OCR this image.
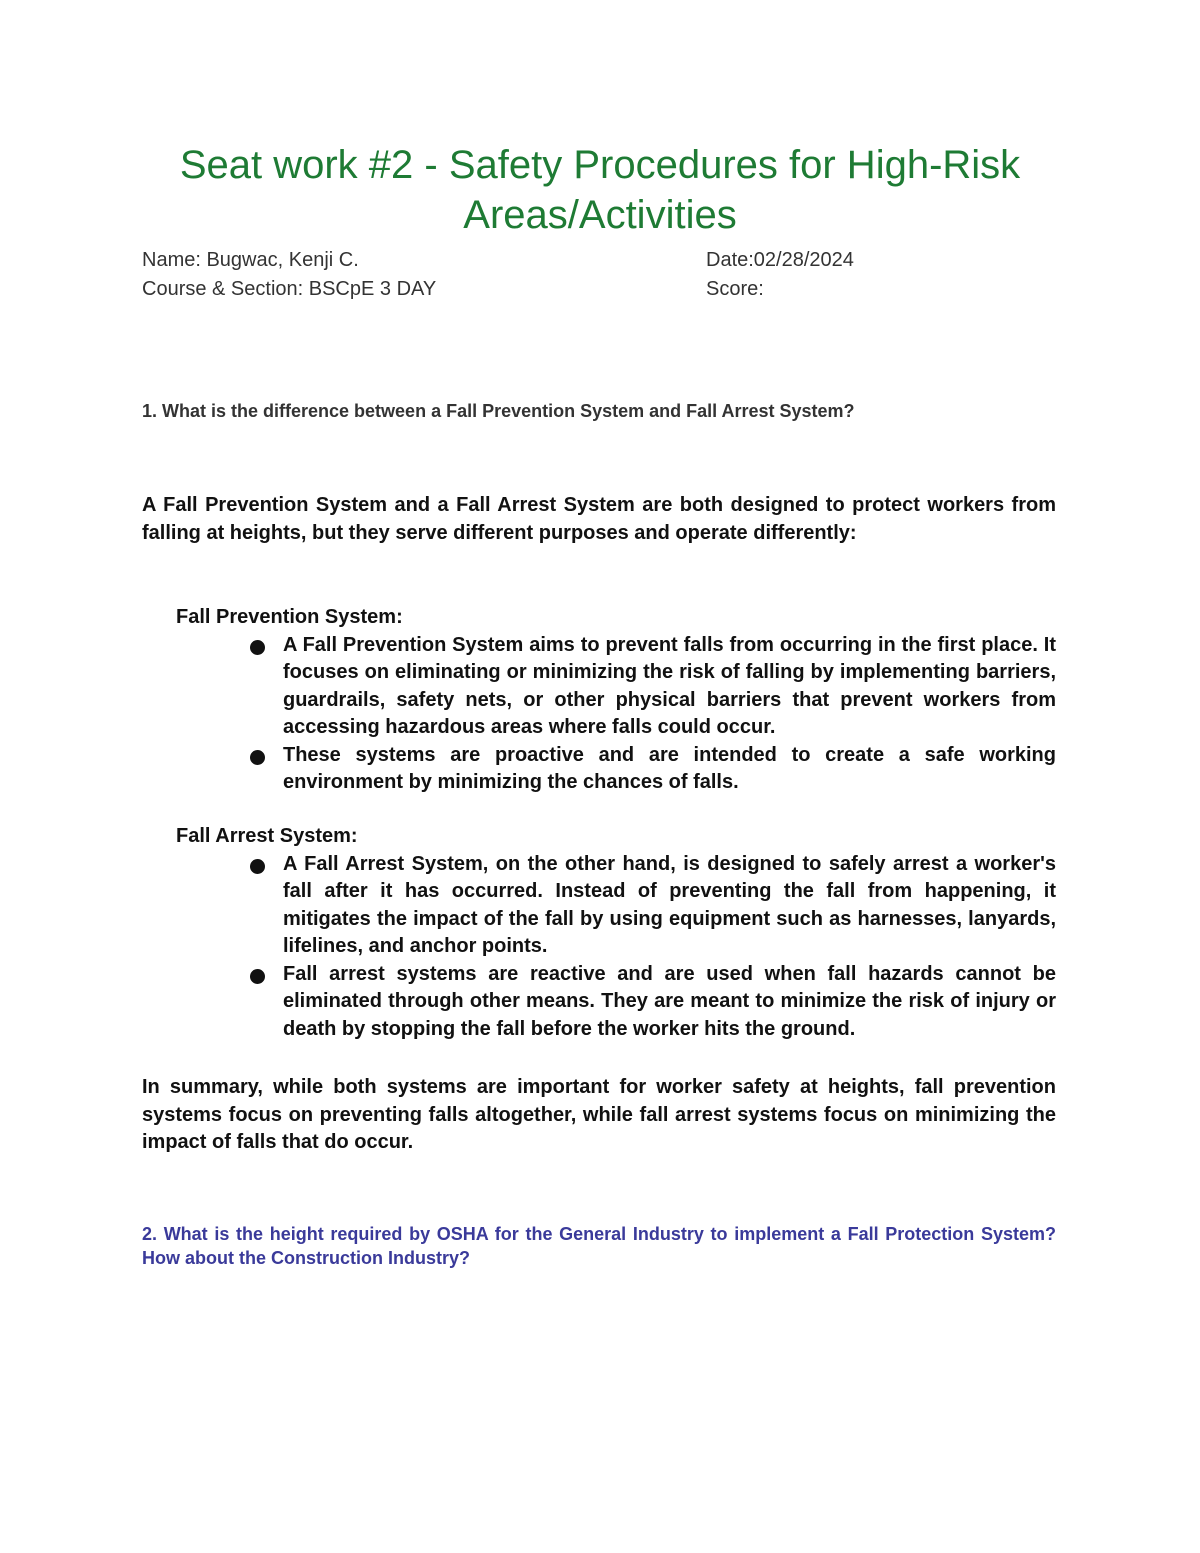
Seat work #2 - Safety Procedures for High-Risk Areas/Activities
Name: Bugwac, Kenji C.
Course & Section: BSCpE 3 DAY
Date:02/28/2024
Score:

1. What is the difference between a Fall Prevention System and Fall Arrest System?

A Fall Prevention System and a Fall Arrest System are both designed to protect workers from falling at heights, but they serve different purposes and operate differently:

Fall Prevention System:

A Fall Prevention System aims to prevent falls from occurring in the first place. It focuses on eliminating or minimizing the risk of falling by implementing barriers, guardrails, safety nets, or other physical barriers that prevent workers from accessing hazardous areas where falls could occur.
These systems are proactive and are intended to create a safe working environment by minimizing the chances of falls.

Fall Arrest System:

A Fall Arrest System, on the other hand, is designed to safely arrest a worker's fall after it has occurred. Instead of preventing the fall from happening, it mitigates the impact of the fall by using equipment such as harnesses, lanyards, lifelines, and anchor points.
Fall arrest systems are reactive and are used when fall hazards cannot be eliminated through other means. They are meant to minimize the risk of injury or death by stopping the fall before the worker hits the ground.

In summary, while both systems are important for worker safety at heights, fall prevention systems focus on preventing falls altogether, while fall arrest systems focus on minimizing the impact of falls that do occur.

2. What is the height required by OSHA for the General Industry to implement a Fall Protection System? How about the Construction Industry?
